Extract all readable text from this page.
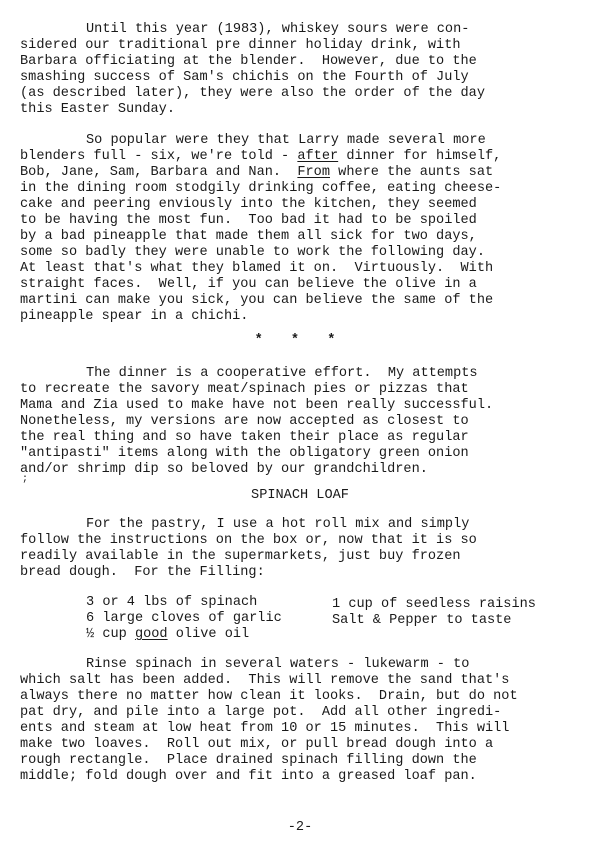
Until this year (1983), whiskey sours were con-
sidered our traditional pre dinner holiday drink, with
Barbara officiating at the blender.  However, due to the
smashing success of Sam's chichis on the Fourth of July
(as described later), they were also the order of the day
this Easter Sunday.
So popular were they that Larry made several more
blenders full - six, we're told - after dinner for himself,
Bob, Jane, Sam, Barbara and Nan.  From where the aunts sat
in the dining room stodgily drinking coffee, eating cheese-
cake and peering enviously into the kitchen, they seemed
to be having the most fun.  Too bad it had to be spoiled
by a bad pineapple that made them all sick for two days,
some so badly they were unable to work the following day.
At least that's what they blamed it on.  Virtuously.  With
straight faces.  Well, if you can believe the olive in a
martini can make you sick, you can believe the same of the
pineapple spear in a chichi.

* * *

The dinner is a cooperative effort.  My attempts
to recreate the savory meat/spinach pies or pizzas that
Mama and Zia used to make have not been really successful.
Nonetheless, my versions are now accepted as closest to
the real thing and so have taken their place as regular
"antipasti" items along with the obligatory green onion
and/or shrimp dip so beloved by our grandchildren.
;

SPINACH LOAF

For the pastry, I use a hot roll mix and simply
follow the instructions on the box or, now that it is so
readily available in the supermarkets, just buy frozen
bread dough.  For the Filling:
3 or 4 lbs of spinach
6 large cloves of garlic
½ cup good olive oil
1 cup of seedless raisins
Salt & Pepper to taste
Rinse spinach in several waters - lukewarm - to
which salt has been added.  This will remove the sand that's
always there no matter how clean it looks.  Drain, but do not
pat dry, and pile into a large pot.  Add all other ingredi-
ents and steam at low heat from 10 or 15 minutes.  This will
make two loaves.  Roll out mix, or pull bread dough into a
rough rectangle.  Place drained spinach filling down the
middle; fold dough over and fit into a greased loaf pan.

-2-
